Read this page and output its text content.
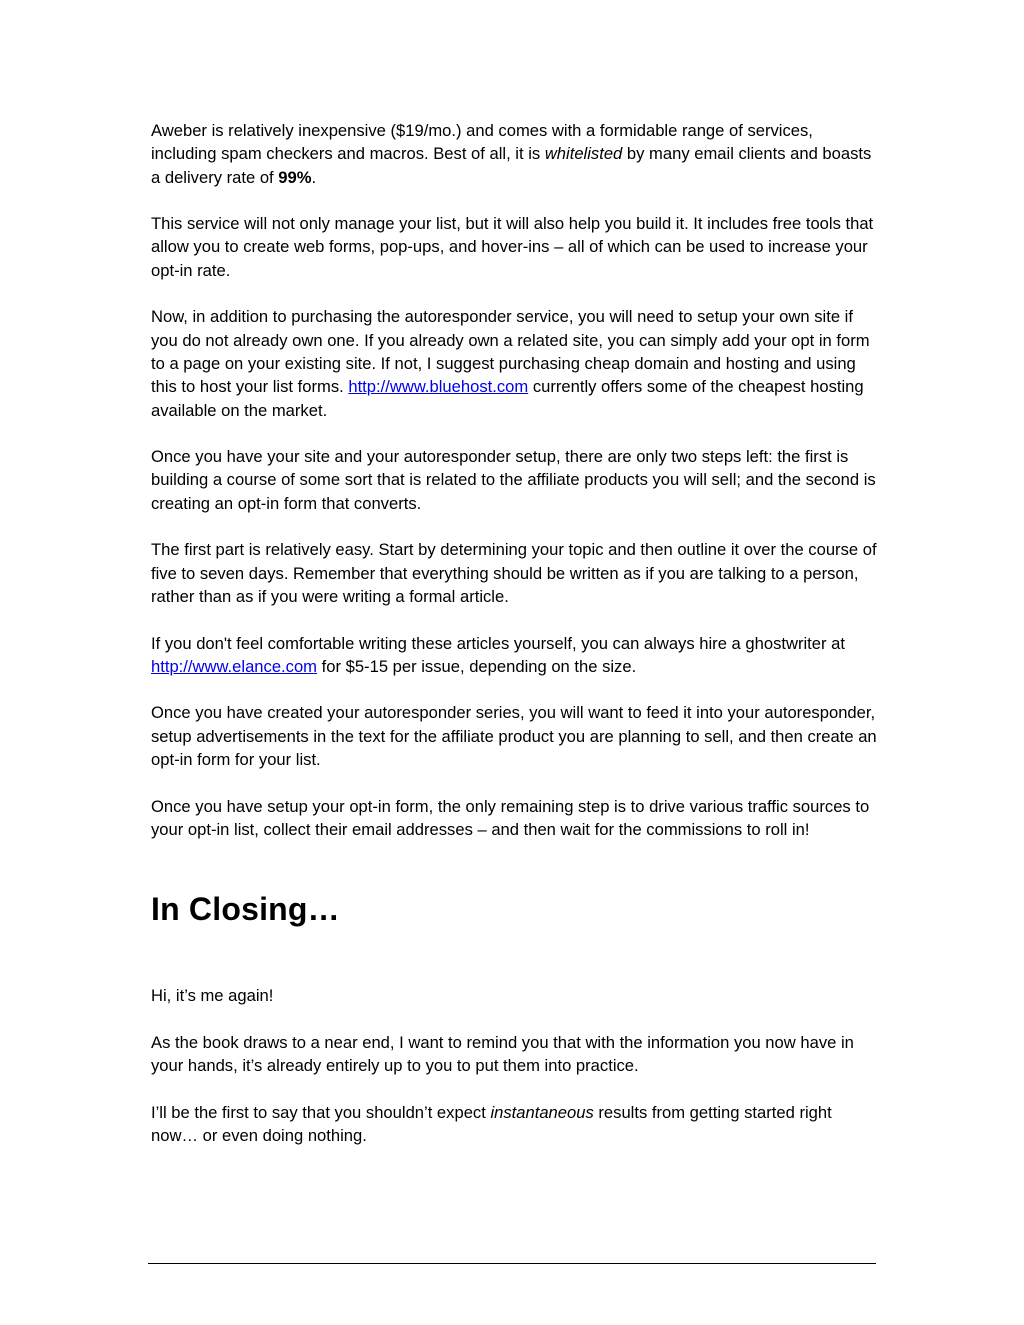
Aweber is relatively inexpensive ($19/mo.) and comes with a formidable range of services, including spam checkers and macros. Best of all, it is whitelisted by many email clients and boasts a delivery rate of 99%.

This service will not only manage your list, but it will also help you build it. It includes free tools that allow you to create web forms, pop-ups, and hover-ins – all of which can be used to increase your opt-in rate.

Now, in addition to purchasing the autoresponder service, you will need to setup your own site if you do not already own one. If you already own a related site, you can simply add your opt in form to a page on your existing site. If not, I suggest purchasing cheap domain and hosting and using this to host your list forms. http://www.bluehost.com currently offers some of the cheapest hosting available on the market.

Once you have your site and your autoresponder setup, there are only two steps left: the first is building a course of some sort that is related to the affiliate products you will sell; and the second is creating an opt-in form that converts.

The first part is relatively easy. Start by determining your topic and then outline it over the course of five to seven days. Remember that everything should be written as if you are talking to a person, rather than as if you were writing a formal article.

If you don't feel comfortable writing these articles yourself, you can always hire a ghostwriter at http://www.elance.com for $5-15 per issue, depending on the size.

Once you have created your autoresponder series, you will want to feed it into your autoresponder, setup advertisements in the text for the affiliate product you are planning to sell, and then create an opt-in form for your list.

Once you have setup your opt-in form, the only remaining step is to drive various traffic sources to your opt-in list, collect their email addresses – and then wait for the commissions to roll in!

In Closing…

Hi, it’s me again!

As the book draws to a near end, I want to remind you that with the information you now have in your hands, it’s already entirely up to you to put them into practice.

I’ll be the first to say that you shouldn’t expect instantaneous results from getting started right now… or even doing nothing.
